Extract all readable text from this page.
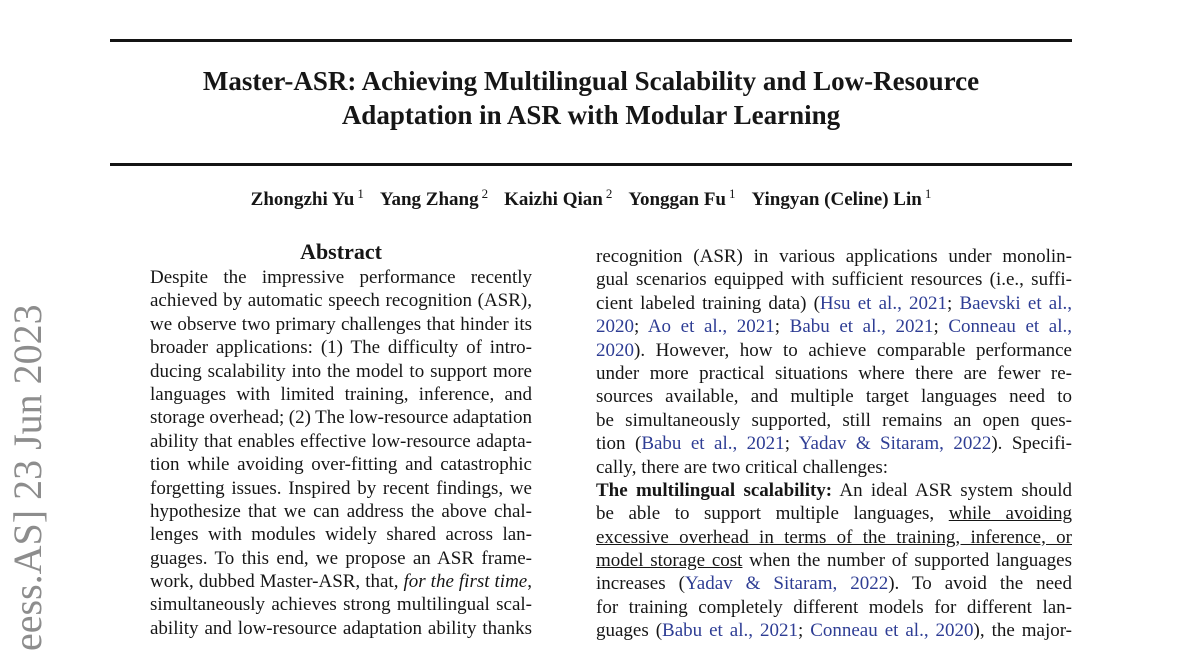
eess.AS] 23 Jun 2023
Master-ASR: Achieving Multilingual Scalability and Low-Resource
Adaptation in ASR with Modular Learning
Zhongzhi Yu $^1$ Yang Zhang $^2$ Kaizhi Qian $^2$ Yonggan Fu $^1$ Yingyan (Celine) Lin $^1$
Abstract
Despite the impressive performance recently
achieved by automatic speech recognition (ASR),
we observe two primary challenges that hinder its
broader applications: (1) The difficulty of intro-
ducing scalability into the model to support more
languages with limited training, inference, and
storage overhead; (2) The low-resource adaptation
ability that enables effective low-resource adapta-
tion while avoiding over-fitting and catastrophic
forgetting issues. Inspired by recent findings, we
hypothesize that we can address the above chal-
lenges with modules widely shared across lan-
guages. To this end, we propose an ASR frame-
work, dubbed Master-ASR, that, for the first time,
simultaneously achieves strong multilingual scal-
ability and low-resource adaptation ability thanks
recognition (ASR) in various applications under monolin-
gual scenarios equipped with sufficient resources (i.e., suffi-
cient labeled training data) (Hsu et al., 2021; Baevski et al.,
2020; Ao et al., 2021; Babu et al., 2021; Conneau et al.,
2020). However, how to achieve comparable performance
under more practical situations where there are fewer re-
sources available, and multiple target languages need to
be simultaneously supported, still remains an open ques-
tion (Babu et al., 2021; Yadav & Sitaram, 2022). Specifi-
cally, there are two critical challenges:
The multilingual scalability: An ideal ASR system should
be able to support multiple languages, while avoiding
excessive overhead in terms of the training, inference, or
model storage cost when the number of supported languages
increases (Yadav & Sitaram, 2022). To avoid the need
for training completely different models for different lan-
guages (Babu et al., 2021; Conneau et al., 2020), the major-
